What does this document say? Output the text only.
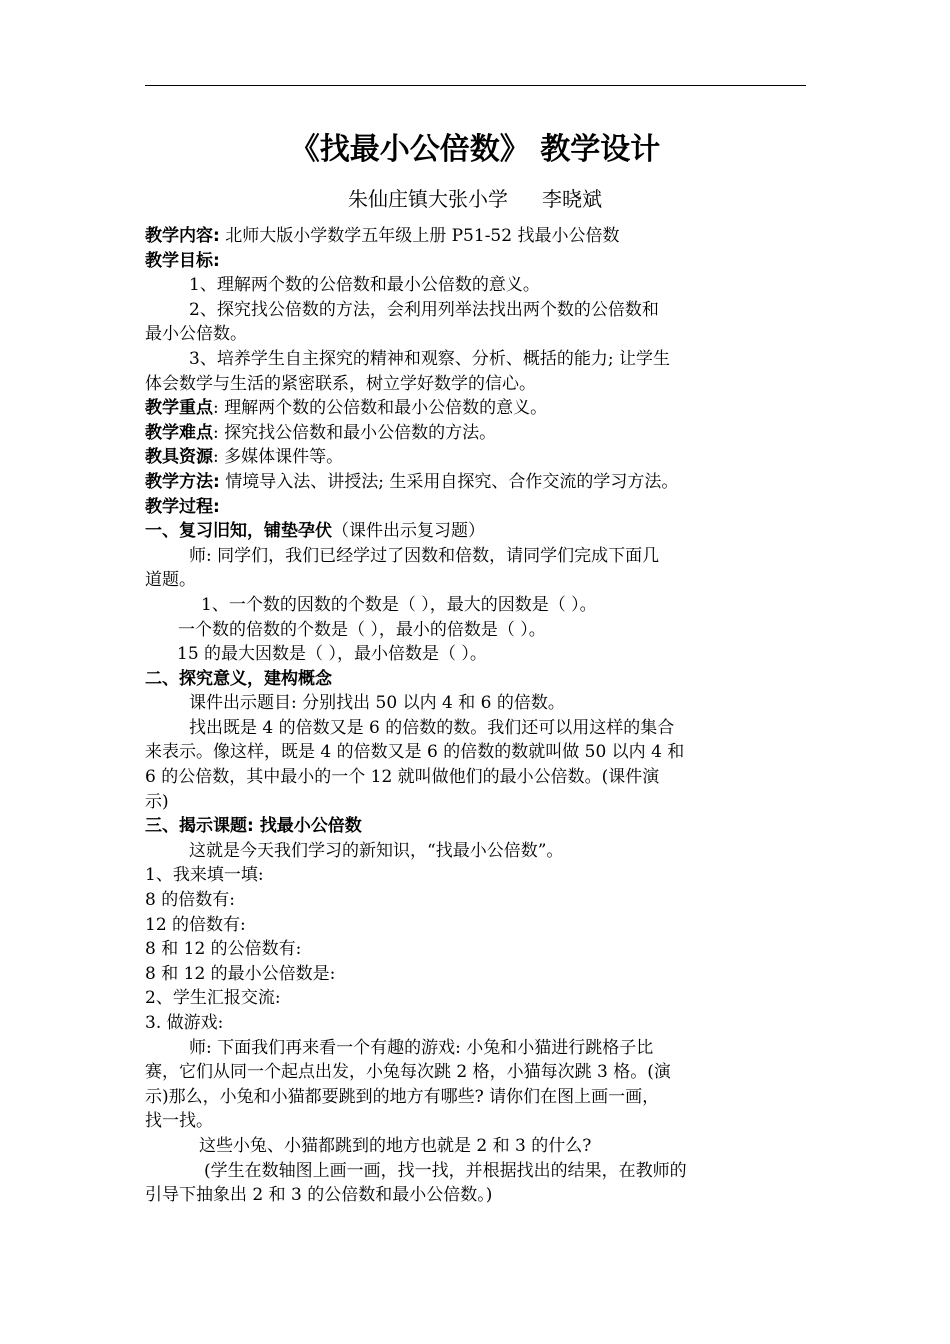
《找最小公倍数》 教学设计
朱仙庄镇大张小学 李晓斌
教学内容: 北师大版小学数学五年级上册 P51-52 找最小公倍数
教学目标:
1、理解两个数的公倍数和最小公倍数的意义。
2、探究找公倍数的方法，会利用列举法找出两个数的公倍数和
最小公倍数。
3、培养学生自主探究的精神和观察、分析、概括的能力; 让学生
体会数学与生活的紧密联系，树立学好数学的信心。
教学重点: 理解两个数的公倍数和最小公倍数的意义。
教学难点: 探究找公倍数和最小公倍数的方法。
教具资源: 多媒体课件等。
教学方法: 情境导入法、讲授法; 生采用自探究、合作交流的学习方法。
教学过程:
一、复习旧知，铺垫孕伏（课件出示复习题）
师: 同学们，我们已经学过了因数和倍数，请同学们完成下面几
道题。
1、一个数的因数的个数是（ ），最大的因数是（ ）。
一个数的倍数的个数是（ ），最小的倍数是（ ）。
15 的最大因数是（ ），最小倍数是（ ）。
二、探究意义，建构概念
课件出示题目: 分别找出 50 以内 4 和 6 的倍数。
找出既是 4 的倍数又是 6 的倍数的数。我们还可以用这样的集合
来表示。像这样，既是 4 的倍数又是 6 的倍数的数就叫做 50 以内 4 和
6 的公倍数，其中最小的一个 12 就叫做他们的最小公倍数。(课件演
示)
三、揭示课题: 找最小公倍数
这就是今天我们学习的新知识，“找最小公倍数”。
1、我来填一填:
8 的倍数有:
12 的倍数有:
8 和 12 的公倍数有:
8 和 12 的最小公倍数是:
2、学生汇报交流:
3. 做游戏:
师: 下面我们再来看一个有趣的游戏: 小兔和小猫进行跳格子比
赛，它们从同一个起点出发，小兔每次跳 2 格，小猫每次跳 3 格。(演
示)那么，小兔和小猫都要跳到的地方有哪些? 请你们在图上画一画，
找一找。
这些小兔、小猫都跳到的地方也就是 2 和 3 的什么?
(学生在数轴图上画一画，找一找，并根据找出的结果，在教师的
引导下抽象出 2 和 3 的公倍数和最小公倍数。)
